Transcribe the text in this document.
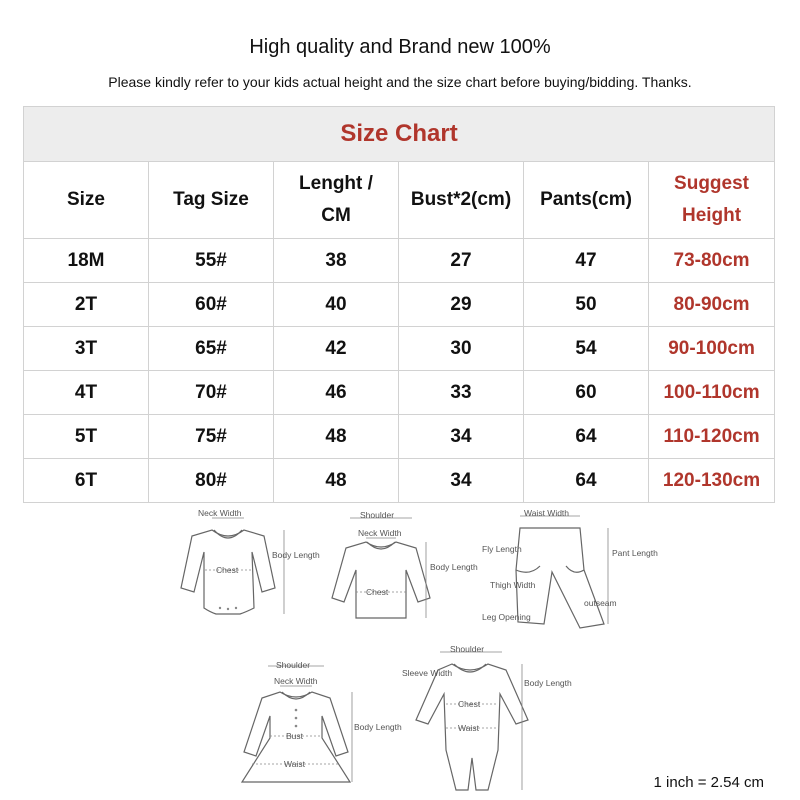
High quality and Brand new 100%
Please kindly refer to your kids actual height and the size chart before buying/bidding. Thanks.
Size Chart					
Size	Tag Size	Lenght / CM	Bust*2(cm)	Pants(cm)	Suggest Height
18M	55#	38	27	47	73-80cm
2T	60#	40	29	50	80-90cm
3T	65#	42	30	54	90-100cm
4T	70#	46	33	60	100-110cm
5T	75#	48	34	64	110-120cm
6T	80#	48	34	64	120-130cm
Neck Width
Chest
Body Length
Shoulder
Neck Width
Chest
Body Length
Waist Width
Fly Length
Thigh Width
Pant Length
outseam
Leg Opening
Shoulder
Neck Width
Bust
Waist
Body Length
Shoulder
Sleeve Width
Chest
Waist
Body Length
1 inch = 2.54 cm
